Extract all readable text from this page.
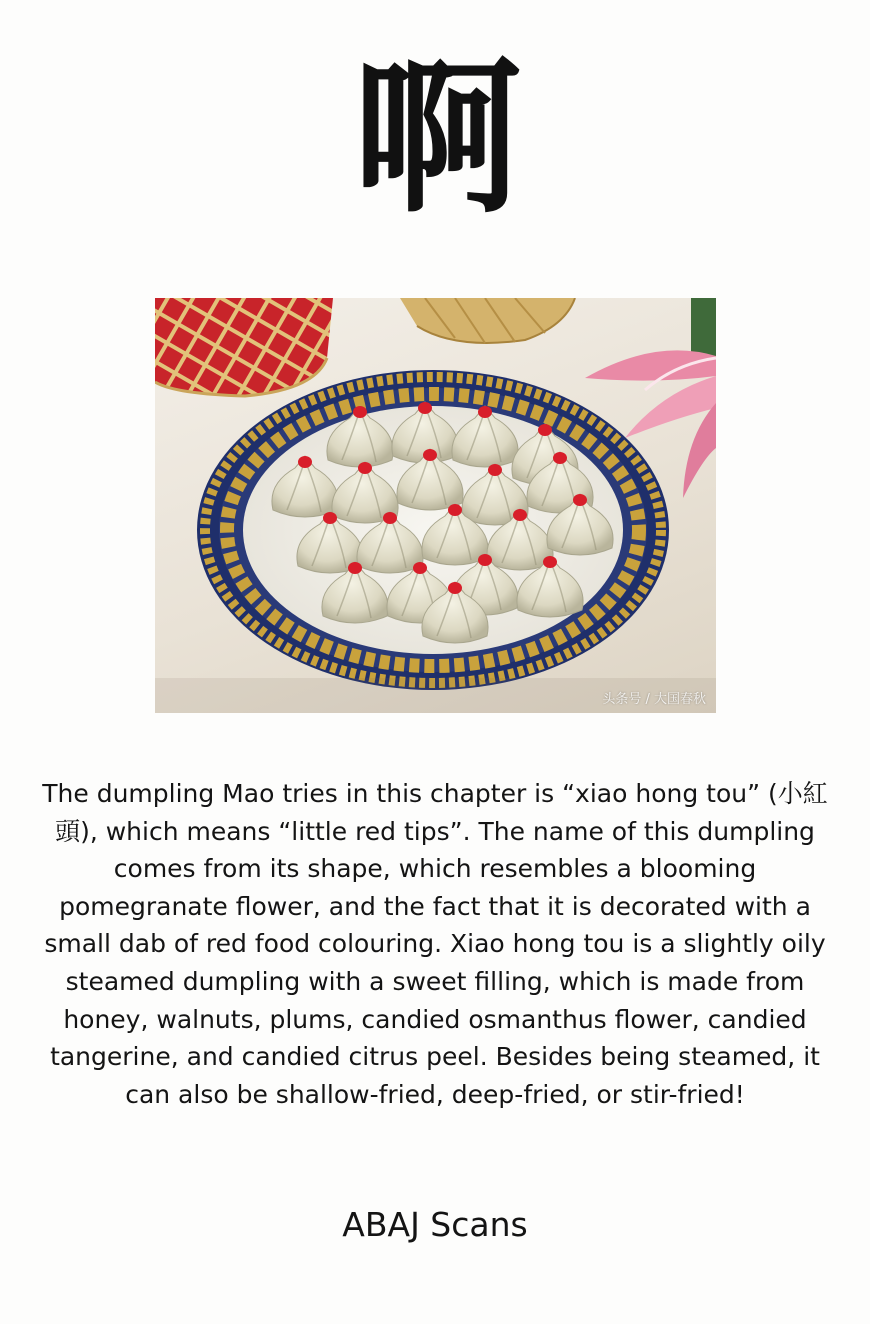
啊
头条号 / 大国春秋

The dumpling Mao tries in this chapter is “xiao hong tou” (小紅頭), which means “little red tips”. The name of this dumpling comes from its shape, which resembles a blooming pomegranate flower, and the fact that it is decorated with a small dab of red food colouring. Xiao hong tou is a slightly oily steamed dumpling with a sweet filling, which is made from honey, walnuts, plums, candied osmanthus flower, candied tangerine, and candied citrus peel. Besides being steamed, it can also be shallow-fried, deep-fried, or stir-fried!

ABAJ Scans
